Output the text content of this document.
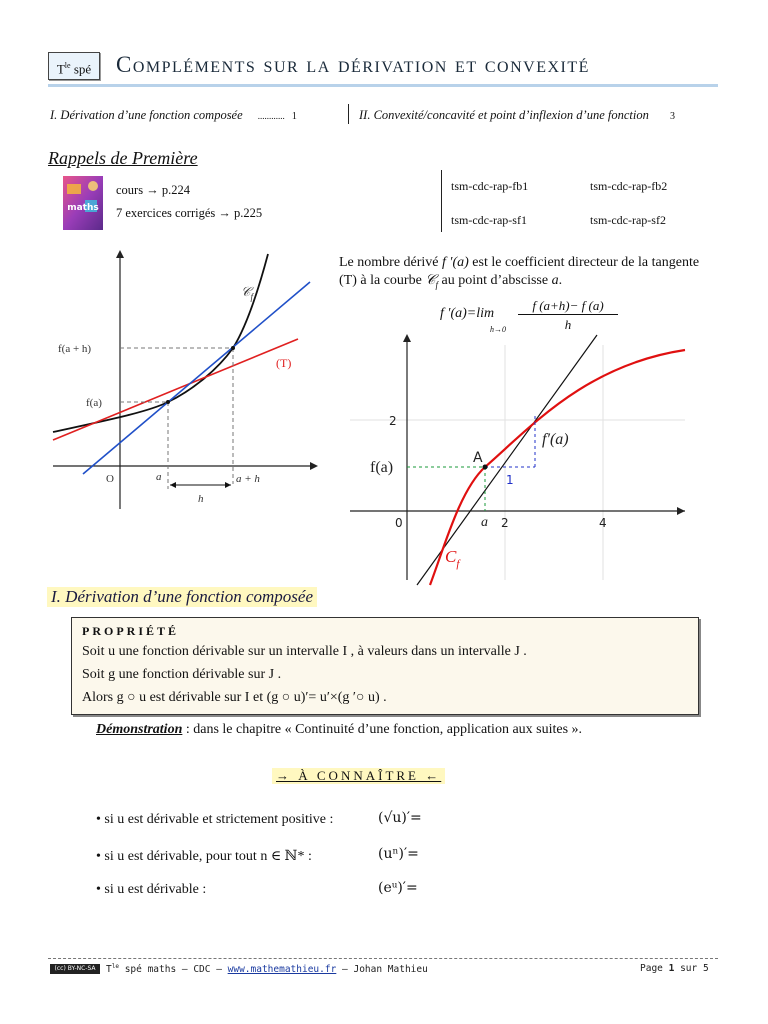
$T^{le}$ spé	Compléments sur la dérivation et convexité
I. Dérivation d’une fonction composée ............ 1	II. Convexité/concavité et point d’inflexion d’une fonction 3
Rappels de Première
maths
cours → p.224
7 exercices corrigés → p.225
tsm-cdc-rap-fb1	tsm-cdc-rap-fb2
tsm-cdc-rap-sf1	tsm-cdc-rap-sf2
𝒞$_f$
(T)
f(a + h)
f(a)
O	a	a + h
h
Le nombre dérivé f ′(a) est le coefficient directeur de la tangente (T) à la courbe 𝒞$_f$ au point d’abscisse a.
f ′(a)=lim
h→0
f (a+h)− f (a)
h
2
0	2	4
f(a)
A
1
f′(a)
a
$C_f$
I. Dérivation d’une fonction composée
PROPRIÉTÉ
Soit u une fonction dérivable sur un intervalle I , à valeurs dans un intervalle J .
Soit g une fonction dérivable sur J .
Alors g ○ u est dérivable sur I et (g ○ u)′= u′×(g ′○ u) .
Démonstration : dans le chapitre « Continuité d’une fonction, application aux suites ».
→ À CONNAÎTRE ←
• si u est dérivable et strictement positive :	(√u)′=
• si u est dérivable, pour tout n ∈ ℕ* :	(uⁿ)′=
• si u est dérivable :	(eᵘ)′=
(cc) BY-NC-SA	$T^{le}$ spé maths – CDC – www.mathemathieu.fr – Johan Mathieu	Page 1 sur 5
